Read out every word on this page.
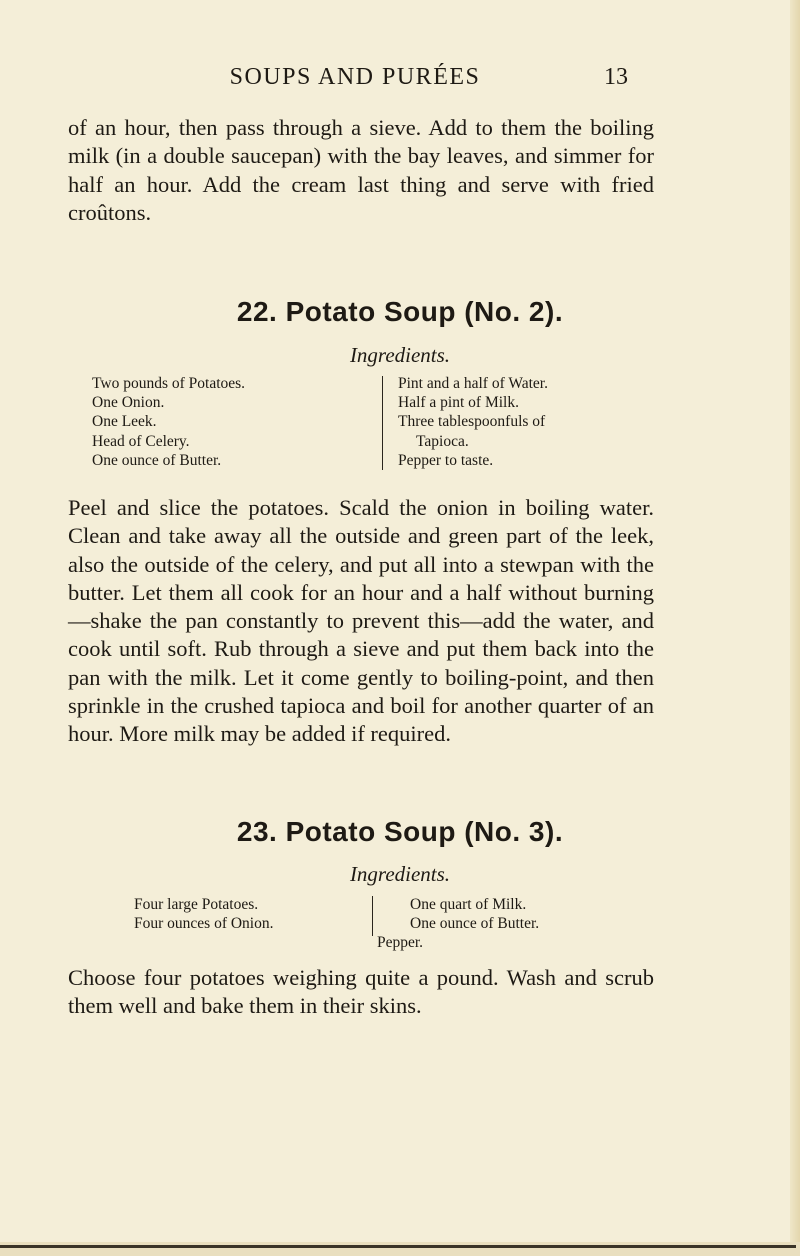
SOUPS AND PURÉES	13

of an hour, then pass through a sieve. Add to them the boiling milk (in a double saucepan) with the bay leaves, and simmer for half an hour. Add the cream last thing and serve with fried croûtons.

22. Potato Soup (No. 2).
Ingredients.
Two pounds of Potatoes.
One Onion.
One Leek.
Head of Celery.
One ounce of Butter.
Pint and a half of Water.
Half a pint of Milk.
Three tablespoonfuls of
Tapioca.
Pepper to taste.

Peel and slice the potatoes. Scald the onion in boiling water. Clean and take away all the outside and green part of the leek, also the outside of the celery, and put all into a stewpan with the butter. Let them all cook for an hour and a half without burning—shake the pan constantly to prevent this—add the water, and cook until soft. Rub through a sieve and put them back into the pan with the milk. Let it come gently to boiling-point, and then sprinkle in the crushed tapioca and boil for another quarter of an hour. More milk may be added if required.

23. Potato Soup (No. 3).
Ingredients.
Four large Potatoes.
Four ounces of Onion.
One quart of Milk.
One ounce of Butter.
Pepper.

Choose four potatoes weighing quite a pound. Wash and scrub them well and bake them in their skins.
